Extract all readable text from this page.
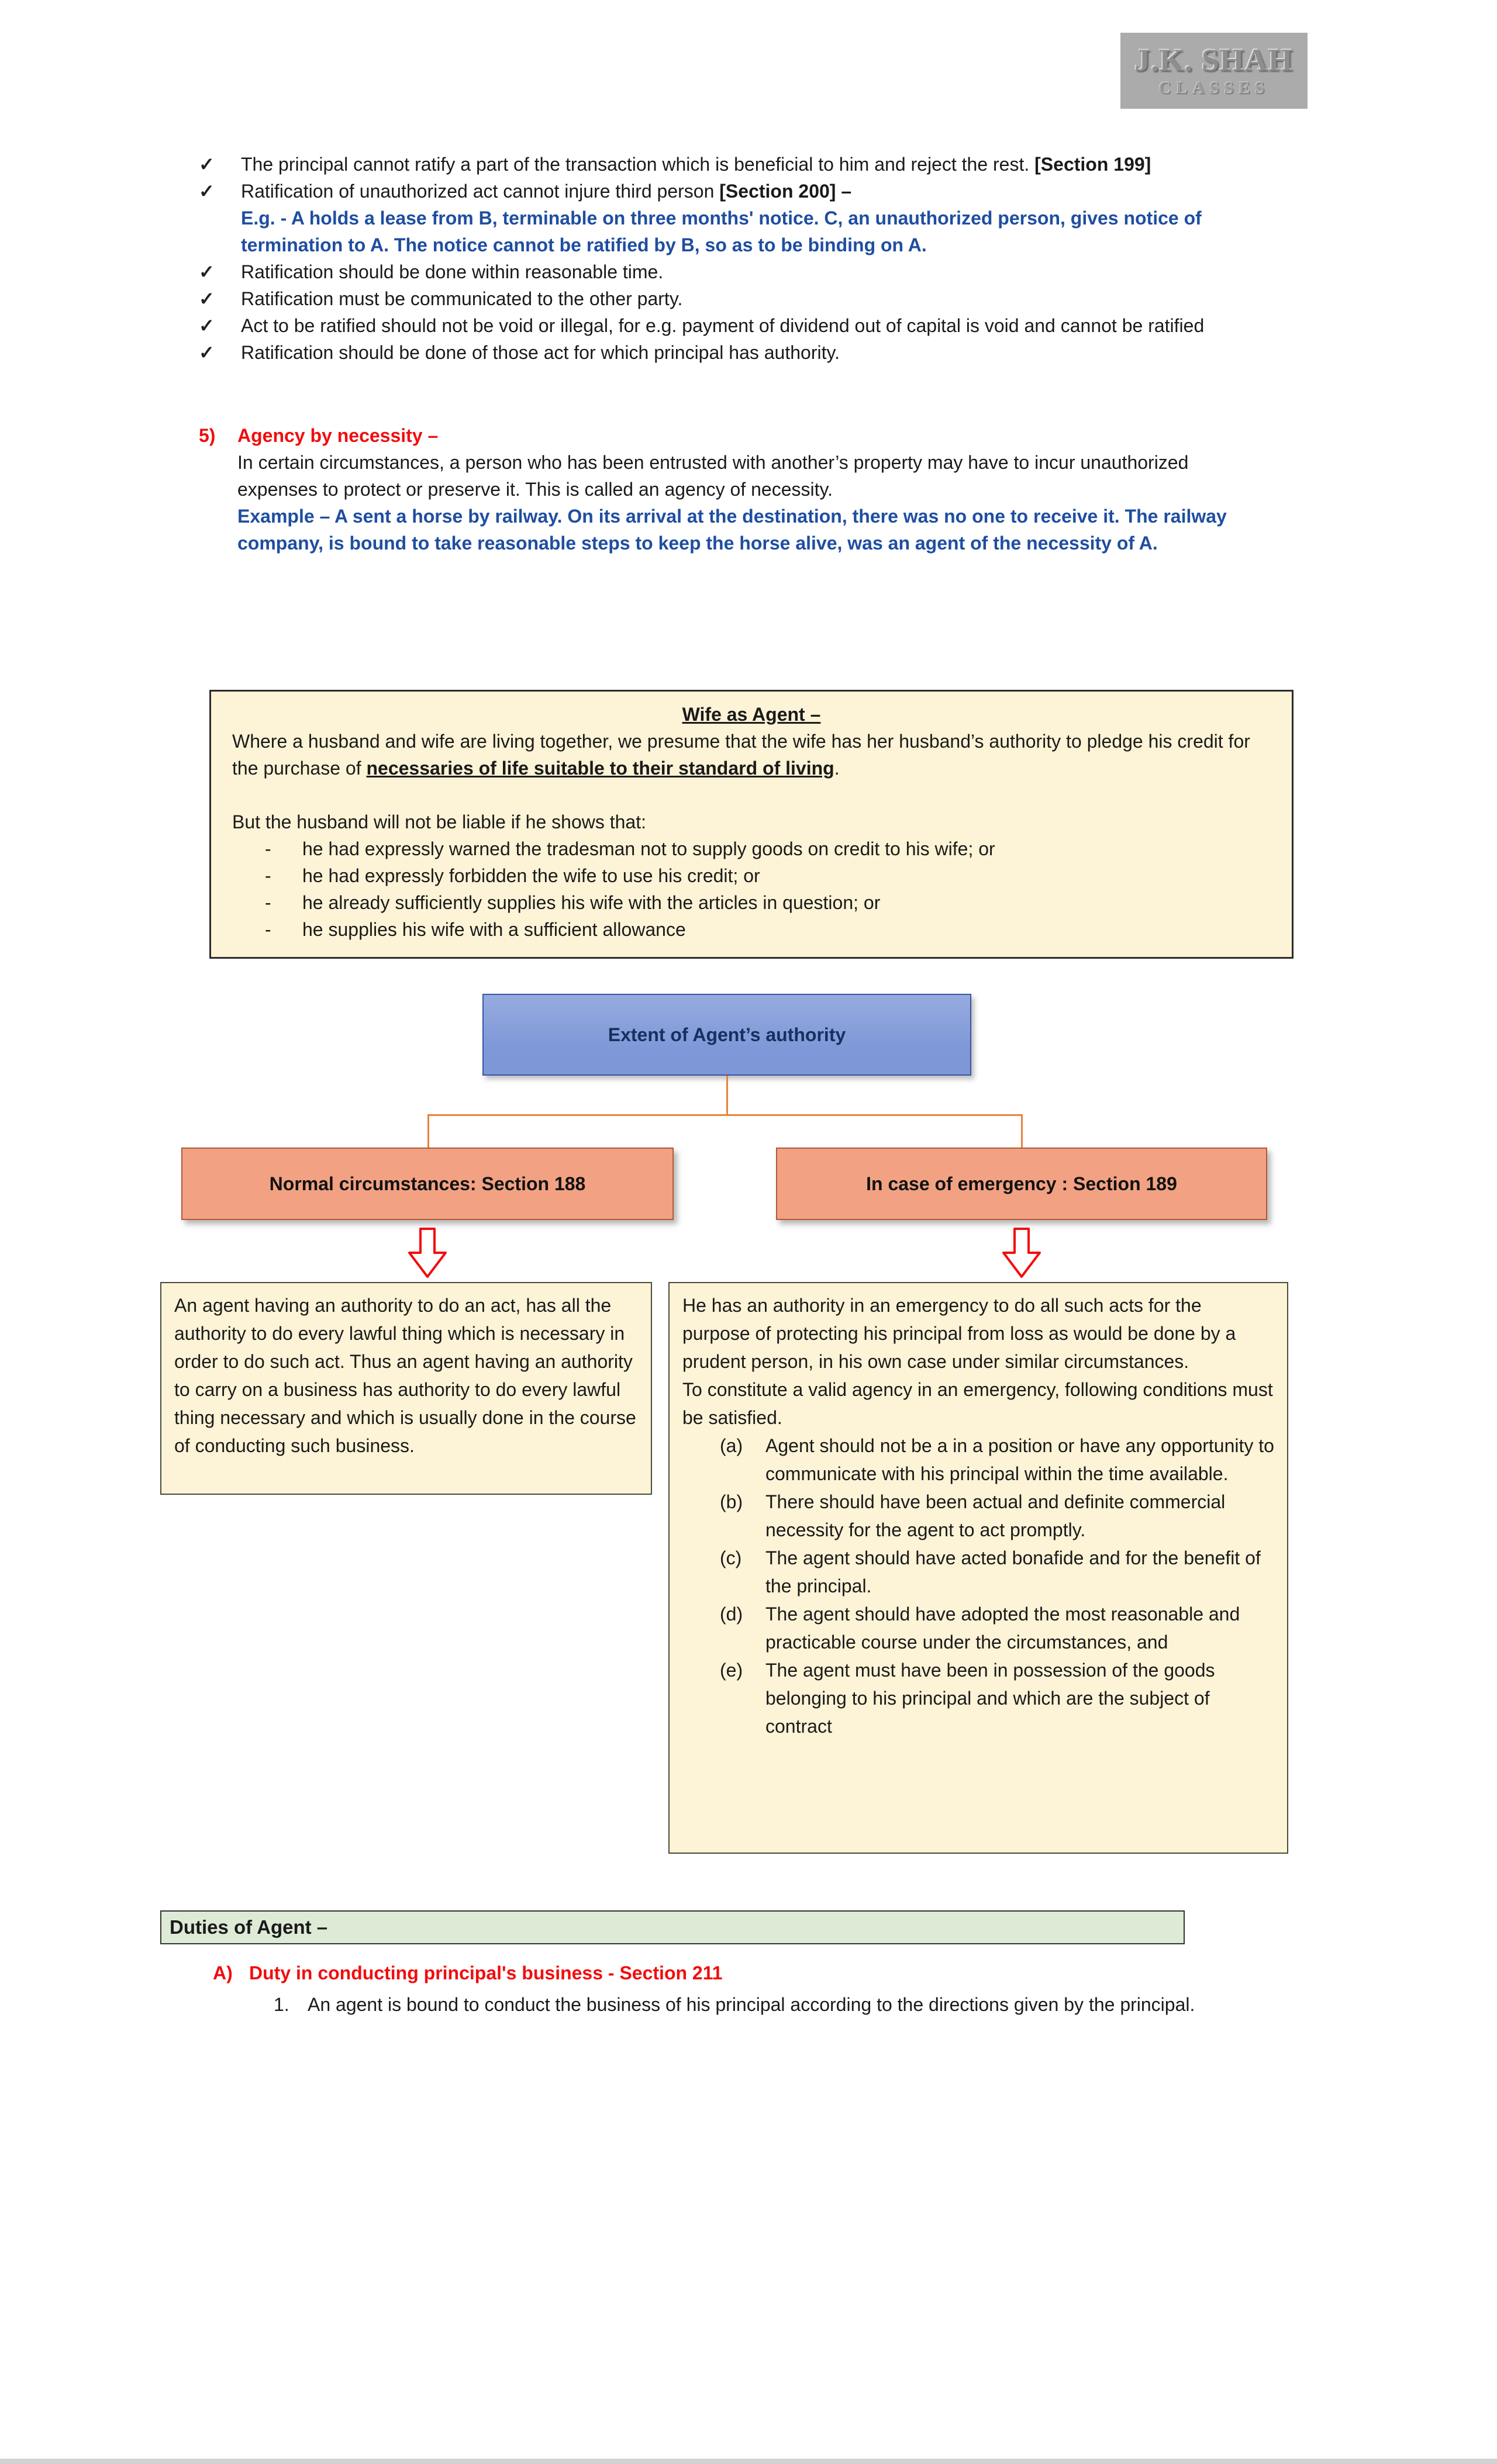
J.K. SHAH
CLASSES
✓	The principal cannot ratify a part of the transaction which is beneficial to him and reject the rest. [Section 199]
✓	Ratification of unauthorized act cannot injure third person [Section 200] –
E.g. - A holds a lease from B, terminable on three months' notice. C, an unauthorized person, gives notice of termination to A. The notice cannot be ratified by B, so as to be binding on A.
✓	Ratification should be done within reasonable time.
✓	Ratification must be communicated to the other party.
✓	Act to be ratified should not be void or illegal, for e.g. payment of dividend out of capital is void and cannot be ratified
✓	Ratification should be done of those act for which principal has authority.
5)	Agency by necessity –
In certain circumstances, a person who has been entrusted with another’s property may have to incur unauthorized expenses to protect or preserve it. This is called an agency of necessity.
Example – A sent a horse by railway. On its arrival at the destination, there was no one to receive it. The railway company, is bound to take reasonable steps to keep the horse alive, was an agent of the necessity of A.
Wife as Agent –
Where a husband and wife are living together, we presume that the wife has her husband’s authority to pledge his credit for the purchase of necessaries of life suitable to their standard of living.
But the husband will not be liable if he shows that:
-	he had expressly warned the tradesman not to supply goods on credit to his wife; or
-	he had expressly forbidden the wife to use his credit; or
-	he already sufficiently supplies his wife with the articles in question; or
-	he supplies his wife with a sufficient allowance
Extent of Agent’s authority
Normal circumstances: Section 188	In case of emergency : Section 189
An agent having an authority to do an act, has all the authority to do every lawful thing which is necessary in order to do such act. Thus an agent having an authority to carry on a business has authority to do every lawful thing necessary and which is usually done in the course of conducting such business.
He has an authority in an emergency to do all such acts for the purpose of protecting his principal from loss as would be done by a prudent person, in his own case under similar circumstances.
To constitute a valid agency in an emergency, following conditions must be satisfied.
(a)	Agent should not be a in a position or have any opportunity to communicate with his principal within the time available.
(b)	There should have been actual and definite commercial necessity for the agent to act promptly.
(c)	The agent should have acted bonafide and for the benefit of the principal.
(d)	The agent should have adopted the most reasonable and practicable course under the circumstances, and
(e)	The agent must have been in possession of the goods belonging to his principal and which are the subject of contract
Duties of Agent –
A) Duty in conducting principal's business - Section 211
1. An agent is bound to conduct the business of his principal according to the directions given by the principal.
